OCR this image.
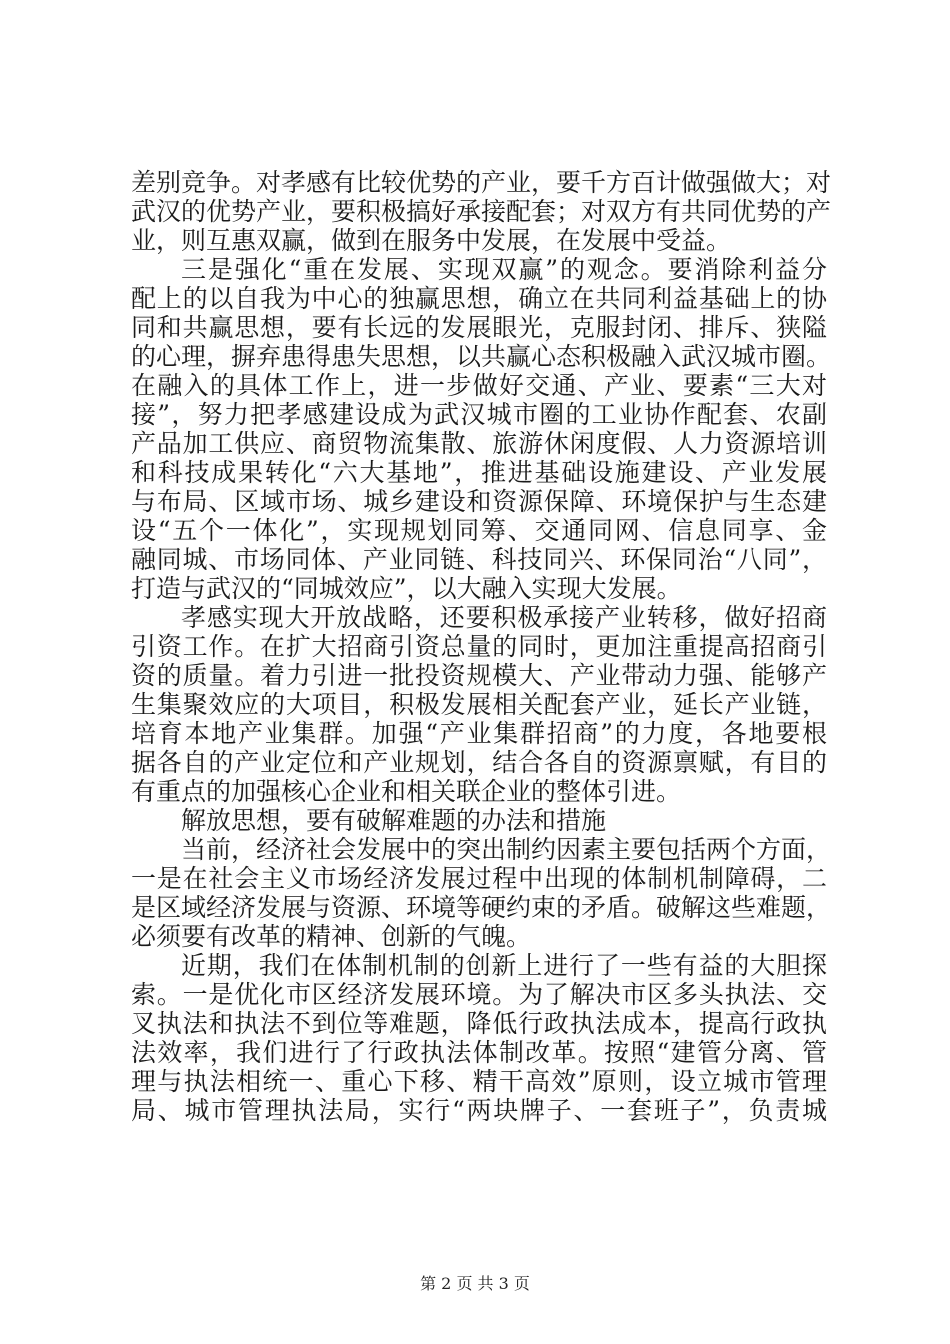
差别竞争。对孝感有比较优势的产业，要千方百计做强做大；对
武汉的优势产业，要积极搞好承接配套；对双方有共同优势的产
业，则互惠双赢，做到在服务中发展，在发展中受益。
三是强化“重在发展、实现双赢”的观念。要消除利益分
配上的以自我为中心的独赢思想，确立在共同利益基础上的协
同和共赢思想，要有长远的发展眼光，克服封闭、排斥、狭隘
的心理，摒弃患得患失思想，以共赢心态积极融入武汉城市圈。
在融入的具体工作上，进一步做好交通、产业、要素“三大对
接”，努力把孝感建设成为武汉城市圈的工业协作配套、农副
产品加工供应、商贸物流集散、旅游休闲度假、人力资源培训
和科技成果转化“六大基地”，推进基础设施建设、产业发展
与布局、区域市场、城乡建设和资源保障、环境保护与生态建
设“五个一体化”，实现规划同筹、交通同网、信息同享、金
融同城、市场同体、产业同链、科技同兴、环保同治“八同”，
打造与武汉的“同城效应”，以大融入实现大发展。
孝感实现大开放战略，还要积极承接产业转移，做好招商
引资工作。在扩大招商引资总量的同时，更加注重提高招商引
资的质量。着力引进一批投资规模大、产业带动力强、能够产
生集聚效应的大项目，积极发展相关配套产业，延长产业链，
培育本地产业集群。加强“产业集群招商”的力度，各地要根
据各自的产业定位和产业规划，结合各自的资源禀赋，有目的
有重点的加强核心企业和相关联企业的整体引进。
解放思想，要有破解难题的办法和措施
当前，经济社会发展中的突出制约因素主要包括两个方面，
一是在社会主义市场经济发展过程中出现的体制机制障碍，二
是区域经济发展与资源、环境等硬约束的矛盾。破解这些难题，
必须要有改革的精神、创新的气魄。
近期，我们在体制机制的创新上进行了一些有益的大胆探
索。一是优化市区经济发展环境。为了解决市区多头执法、交
叉执法和执法不到位等难题，降低行政执法成本，提高行政执
法效率，我们进行了行政执法体制改革。按照“建管分离、管
理与执法相统一、重心下移、精干高效”原则，设立城市管理
局、城市管理执法局，实行“两块牌子、一套班子”，负责城
第 2 页 共 3 页
